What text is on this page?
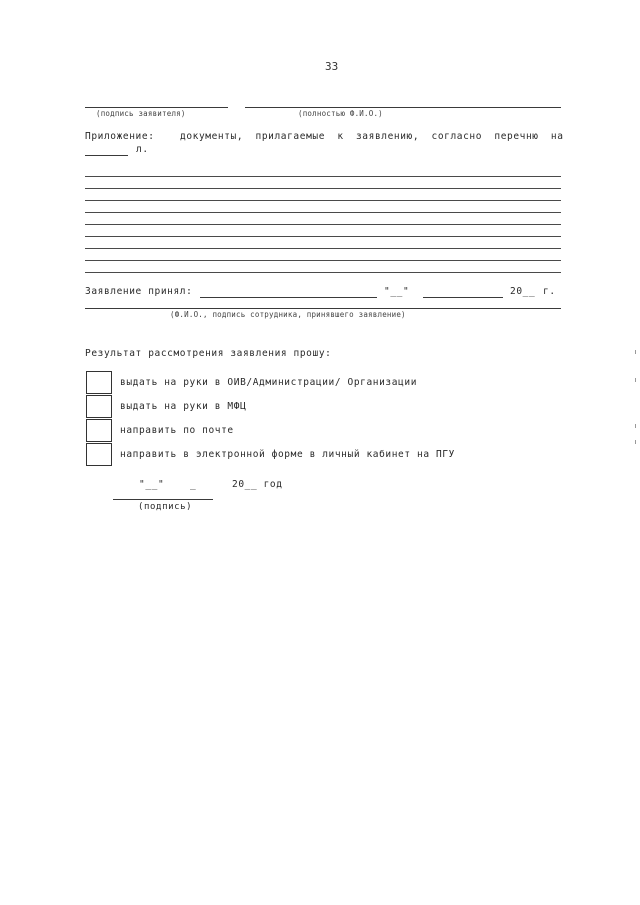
33
(подпись заявителя)	(полностью Ф.И.О.)
Приложение:	документы, прилагаемые к заявлению, согласно перечню на
л.
Заявление принял:	"__"	20__ г.
(Ф.И.О., подпись сотрудника, принявшего заявление)
Результат рассмотрения заявления прошу:
выдать на руки в ОИВ/Администрации/ Организации
выдать на руки в МФЦ
направить по почте
направить в электронной форме в личный кабинет на ПГУ
"__"	_	20__ год
(подпись)
